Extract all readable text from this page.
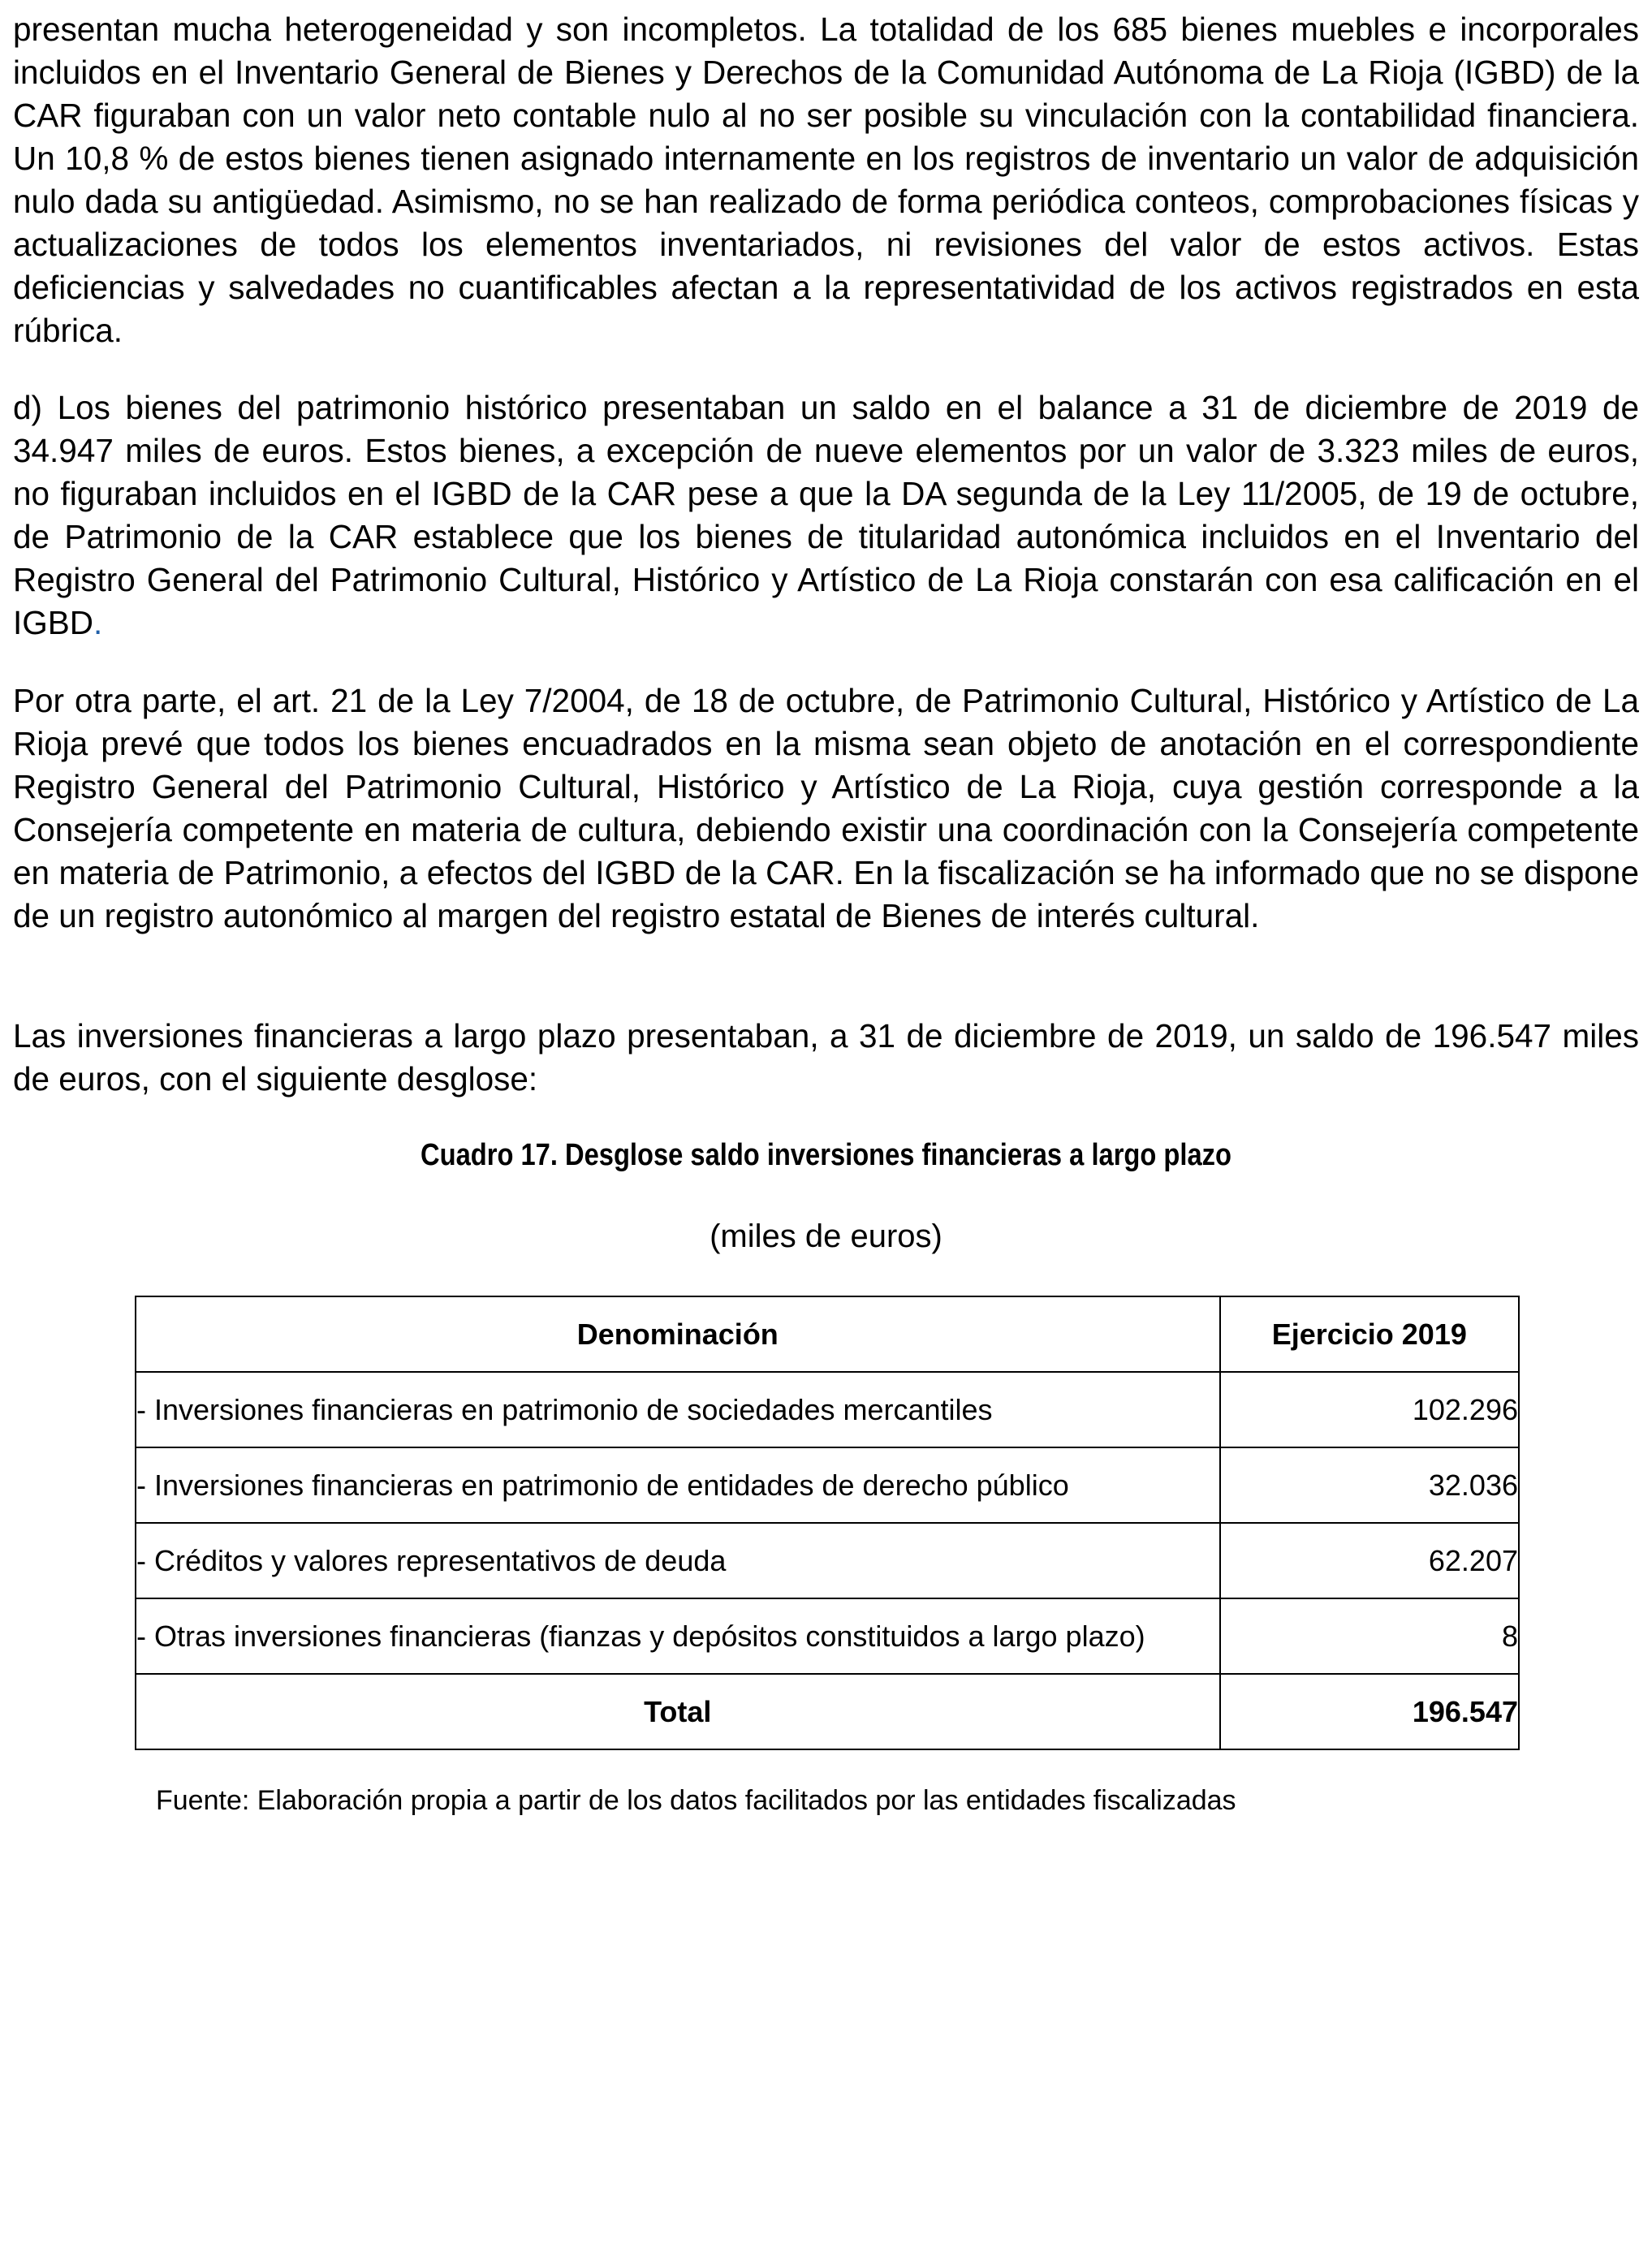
presentan mucha heterogeneidad y son incompletos. La totalidad de los 685 bienes muebles e incorporales incluidos en el Inventario General de Bienes y Derechos de la Comunidad Autónoma de La Rioja (IGBD) de la CAR figuraban con un valor neto contable nulo al no ser posible su vinculación con la contabilidad financiera. Un 10,8 % de estos bienes tienen asignado internamente en los registros de inventario un valor de adquisición nulo dada su antigüedad. Asimismo, no se han realizado de forma periódica conteos, comprobaciones físicas y actualizaciones de todos los elementos inventariados, ni revisiones del valor de estos activos. Estas deficiencias y salvedades no cuantificables afectan a la representatividad de los activos registrados en esta rúbrica.

d) Los bienes del patrimonio histórico presentaban un saldo en el balance a 31 de diciembre de 2019 de 34.947 miles de euros. Estos bienes, a excepción de nueve elementos por un valor de 3.323 miles de euros, no figuraban incluidos en el IGBD de la CAR pese a que la DA segunda de la Ley 11/2005, de 19 de octubre, de Patrimonio de la CAR establece que los bienes de titularidad autonómica incluidos en el Inventario del Registro General del Patrimonio Cultural, Histórico y Artístico de La Rioja constarán con esa calificación en el IGBD.

Por otra parte, el art. 21 de la Ley 7/2004, de 18 de octubre, de Patrimonio Cultural, Histórico y Artístico de La Rioja prevé que todos los bienes encuadrados en la misma sean objeto de anotación en el correspondiente Registro General del Patrimonio Cultural, Histórico y Artístico de La Rioja, cuya gestión corresponde a la Consejería competente en materia de cultura, debiendo existir una coordinación con la Consejería competente en materia de Patrimonio, a efectos del IGBD de la CAR. En la fiscalización se ha informado que no se dispone de un registro autonómico al margen del registro estatal de Bienes de interés cultural.

Las inversiones financieras a largo plazo presentaban, a 31 de diciembre de 2019, un saldo de 196.547 miles de euros, con el siguiente desglose:

Cuadro 17. Desglose saldo inversiones financieras a largo plazo
(miles de euros)
Denominación	Ejercicio 2019
- Inversiones financieras en patrimonio de sociedades mercantiles	102.296
- Inversiones financieras en patrimonio de entidades de derecho público	32.036
- Créditos y valores representativos de deuda	62.207
- Otras inversiones financieras (fianzas y depósitos constituidos a largo plazo)	8
Total	196.547
Fuente: Elaboración propia a partir de los datos facilitados por las entidades fiscalizadas
